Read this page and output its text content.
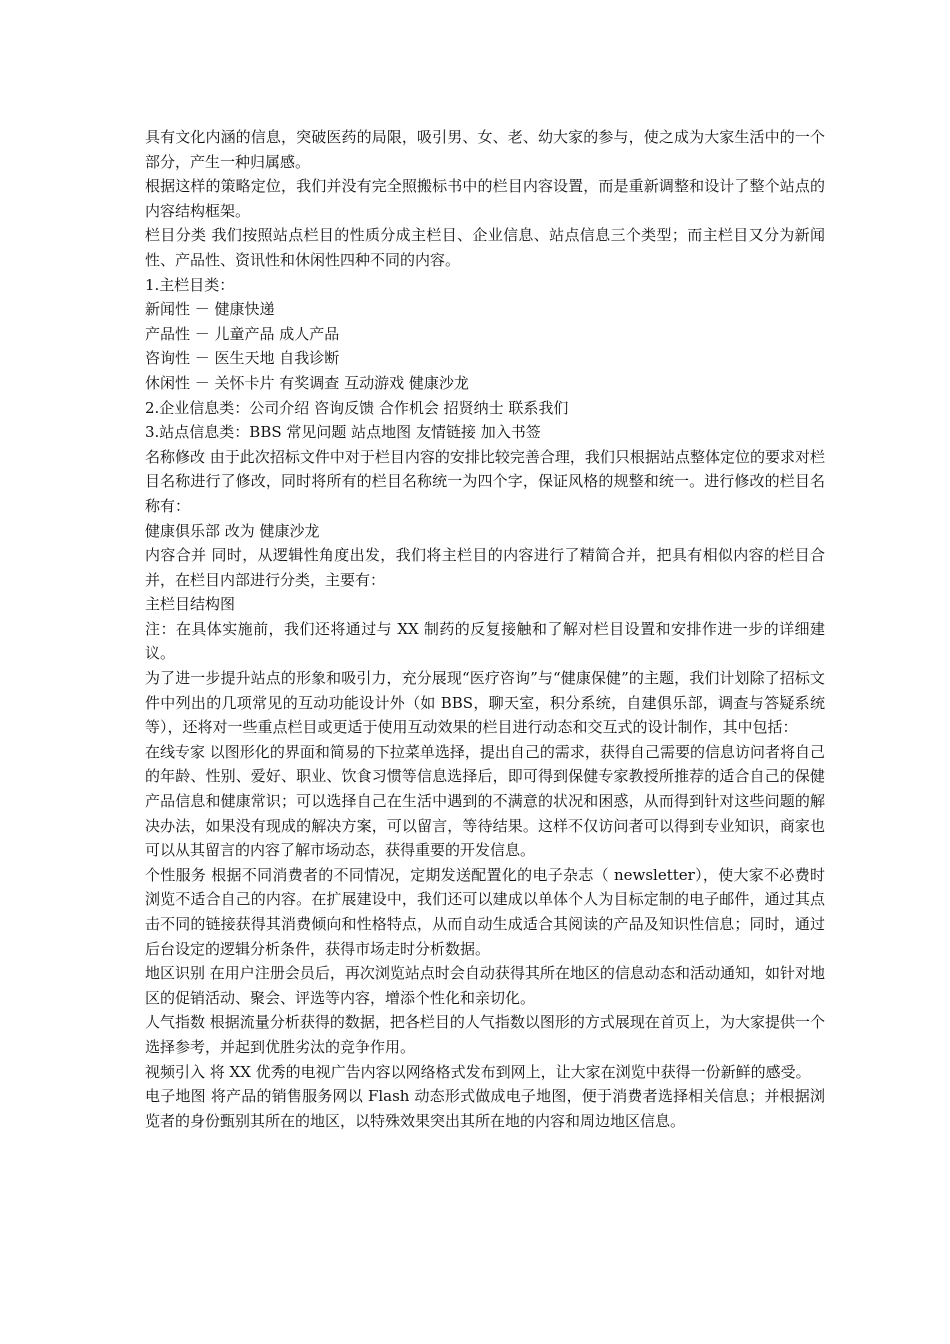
具有文化内涵的信息，突破医药的局限，吸引男、女、老、幼大家的参与，使之成为大家生活中的一个部分，产生一种归属感。

根据这样的策略定位，我们并没有完全照搬标书中的栏目内容设置，而是重新调整和设计了整个站点的内容结构框架。

栏目分类 我们按照站点栏目的性质分成主栏目、企业信息、站点信息三个类型；而主栏目又分为新闻性、产品性、资讯性和休闲性四种不同的内容。

1.主栏目类：

新闻性 － 健康快递

产品性 － 儿童产品 成人产品

咨询性 － 医生天地 自我诊断

休闲性 － 关怀卡片 有奖调查 互动游戏 健康沙龙

2.企业信息类：公司介绍 咨询反馈 合作机会 招贤纳士 联系我们

3.站点信息类：BBS 常见问题 站点地图 友情链接 加入书签

名称修改 由于此次招标文件中对于栏目内容的安排比较完善合理，我们只根据站点整体定位的要求对栏目名称进行了修改，同时将所有的栏目名称统一为四个字，保证风格的规整和统一。进行修改的栏目名称有：

健康俱乐部 改为 健康沙龙

内容合并 同时，从逻辑性角度出发，我们将主栏目的内容进行了精简合并，把具有相似内容的栏目合并，在栏目内部进行分类，主要有：

主栏目结构图

注：在具体实施前，我们还将通过与 XX 制药的反复接触和了解对栏目设置和安排作进一步的详细建议。

为了进一步提升站点的形象和吸引力，充分展现“医疗咨询”与“健康保健”的主题，我们计划除了招标文件中列出的几项常见的互动功能设计外（如 BBS，聊天室，积分系统，自建俱乐部，调查与答疑系统等），还将对一些重点栏目或更适于使用互动效果的栏目进行动态和交互式的设计制作，其中包括：

在线专家 以图形化的界面和简易的下拉菜单选择，提出自己的需求，获得自己需要的信息访问者将自己的年龄、性别、爱好、职业、饮食习惯等信息选择后，即可得到保健专家教授所推荐的适合自己的保健产品信息和健康常识；可以选择自己在生活中遇到的不满意的状况和困惑，从而得到针对这些问题的解决办法，如果没有现成的解决方案，可以留言，等待结果。这样不仅访问者可以得到专业知识，商家也可以从其留言的内容了解市场动态，获得重要的开发信息。

个性服务 根据不同消费者的不同情况，定期发送配置化的电子杂志（ newsletter），使大家不必费时浏览不适合自己的内容。在扩展建设中，我们还可以建成以单体个人为目标定制的电子邮件，通过其点击不同的链接获得其消费倾向和性格特点，从而自动生成适合其阅读的产品及知识性信息；同时，通过后台设定的逻辑分析条件，获得市场走时分析数据。

地区识别 在用户注册会员后，再次浏览站点时会自动获得其所在地区的信息动态和活动通知，如针对地区的促销活动、聚会、评选等内容，增添个性化和亲切化。

人气指数 根据流量分析获得的数据，把各栏目的人气指数以图形的方式展现在首页上，为大家提供一个选择参考，并起到优胜劣汰的竞争作用。

视频引入 将 XX 优秀的电视广告内容以网络格式发布到网上，让大家在浏览中获得一份新鲜的感受。

电子地图 将产品的销售服务网以 Flash 动态形式做成电子地图，便于消费者选择相关信息；并根据浏览者的身份甄别其所在的地区，以特殊效果突出其所在地的内容和周边地区信息。
